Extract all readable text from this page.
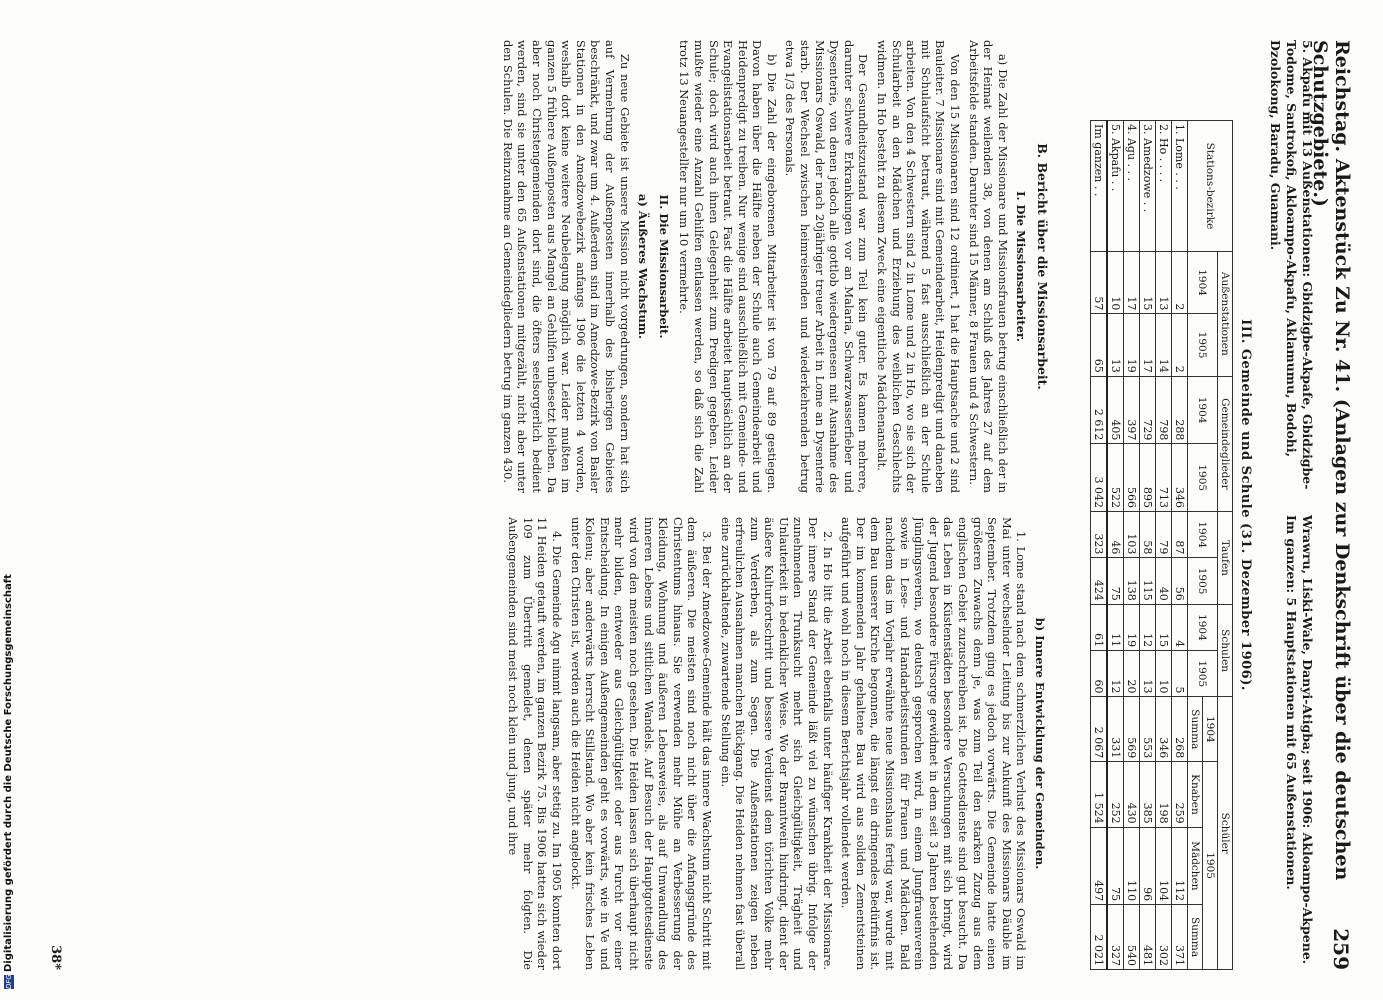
Reichstag. Aktenstück Zu Nr. 41. (Anlagen zur Denkschrift über die deutschen Schutzgebiete.)
259
5. Akpafu mit 13 Außenstationen: Gbidzigbe-Akpafe, Gbidzigbe-Todome, Santrokofi, Akloampo-Akpafu, Aklamumu, Bodohi, Dzolokong, Baradu, Guamani.
Wrawru, Liski-Wale, Danyi-Atigba; seit 1906: Akloampo-Akpene. Im ganzen: 5 Hauptstationen mit 65 Außenstationen.
III. Gemeinde und Schule (31. Dezember 1906).
Stations-bezirke	Außenstationen		Gemeindeglieder		Taufen		Schulen		Schüler			
	1904	1905	1904	1905	1904	1905	1904	1905	1904	1905		
									Summa	Knaben	Mädchen	Summa
1. Lome . . .	2	2	288	346	87	56	4	5	268	259	112	371
2. Ho . . . .	13	14	798	713	79	40	15	10	346	198	104	302
3. Amedzowe . .	15	17	729	895	58	115	12	13	553	385	96	481
4. Agu . . .	17	19	397	566	103	138	19	20	569	430	110	540
5. Akpafu . .	10	13	405	522	46	75	11	12	331	252	75	327
Im ganzen . .	57	65	2 612	3 042	323	424	61	60	2 067	1 524	497	2 021
B. Bericht über die Missionsarbeit.
I. Die Missionsarbeiter.

a) Die Zahl der Missionare und Missionsfrauen betrug einschließlich der in der Heimat weilenden 38, von denen am Schluß des Jahres 27 auf dem Arbeitsfelde standen. Darunter sind 15 Männer, 8 Frauen und 4 Schwestern.

Von den 15 Missionaren sind 12 ordiniert, 1 hat die Hauptsache und 2 sind Bauleiter. 7 Missionare sind mit Gemeindearbeit, Heidenpredigt und daneben mit Schulaufsicht betraut, während 5 fast ausschließlich an der Schule arbeiten. Von den 4 Schwestern sind 2 in Lome und 2 in Ho, wo sie sich der Schularbeit an den Mädchen und Erziehung des weiblichen Geschlechts widmen. In Ho besteht zu diesem Zweck eine eigentliche Mädchenanstalt.

Der Gesundheitszustand war zum Teil kein guter. Es kamen mehrere, darunter schwere Erkrankungen vor an Malaria, Schwarzwasserfieber und Dysenterie, von denen jedoch alle gottlob wiedergenesen mit Ausnahme des Missionars Oswald, der nach 20jähriger treuer Arbeit in Lome an Dysenterie starb. Der Wechsel zwischen heimreisenden und wiederkehrenden betrug etwa 1/3 des Personals.

b) Die Zahl der eingeborenen Mitarbeiter ist von 79 auf 89 gestiegen. Davon haben über die Hälfte neben der Schule auch Gemeindearbeit und Heidenpredigt zu treiben. Nur wenige sind ausschließlich mit Gemeinde- und Evangelistationsarbeit betraut. Fast die Hälfte arbeitet hauptsächlich an der Schule; doch wird auch ihnen Gelegenheit zum Predigen gegeben. Leider mußte wieder eine Anzahl Gehilfen entlassen werden, so daß sich die Zahl trotz 13 Neuangestellter nur um 10 vermehrte.

II. Die Missionsarbeit.
a) Äußeres Wachstum.

Zu neue Gebiete ist unsere Mission nicht vorgedrungen, sondern hat sich auf Vermehrung der Außenposten innerhalb des bisherigen Gebietes beschränkt, und zwar um 4. Außerdem sind im Amedzowe-Bezirk von Basler Stationen in den Amedzowebezirk anfangs 1906 die letzten 4 worden, weshalb dort keine weitere Neubelegung möglich war. Leider mußten im ganzen 5 frühere Außenposten aus Mangel an Gehilfen unbesetzt bleiben. Da aber noch Christengemeinden dort sind, die öfters seelsorgerlich bedient werden, sind sie unter den 65 Außenstationen mitgezählt, nicht aber unter den Schulen. Die Reinzunahme an Gemeindegliedern betrug im ganzen 430.

b) Innere Entwicklung der Gemeinden.

1. Lome stand nach dem schmerzlichen Verlust des Missionars Oswald im Mai unter wechselnder Leitung bis zur Ankunft des Missionars Däuble im September. Trotzdem ging es jedoch vorwärts. Die Gemeinde hatte einen größeren Zuwachs denn je, was zum Teil den starken Zuzug aus dem englischen Gebiet zuzuschreiben ist. Die Gottesdienste sind gut besucht. Da das Leben in Küstenstädten besondere Versuchungen mit sich bringt, wird der Jugend besondere Fürsorge gewidmet in dem seit 3 Jahren bestehenden Jünglingsverein, wo deutsch gesprochen wird, in einem Jungfrauenverein sowie in Lese- und Handarbeitsstunden für Frauen und Mädchen. Bald nachdem das im Vorjahr erwähnte neue Missionshaus fertig war, wurde mit dem Bau unserer Kirche begonnen, die längst ein dringendes Bedürfnis ist. Der im kommenden Jahr gehaltene Bau wird aus soliden Zementsteinen aufgeführt und wohl noch in diesem Berichtsjahr vollendet werden.

2. In Ho litt die Arbeit ebenfalls unter häufiger Krankheit der Missionare. Der innere Stand der Gemeinde läßt viel zu wünschen übrig. Infolge der zunehmenden Trunksucht mehrt sich Gleichgültigkeit, Trägheit und Unlauterkeit in bedenklicher Weise. Wo der Branntwein hindringt, dient der äußere Kulturfortschritt und bessere Verdienst dem törichten Volke mehr zum Verderben, als zum Segen. Die Außenstationen zeigen neben erfreulichen Ausnahmen manchen Rückgang. Die Heiden nehmen fast überall eine zurückhaltende, zuwartende Stellung ein.

3. Bei der Amedzowe-Gemeinde hält das innere Wachstum nicht Schritt mit dem äußeren. Die meisten sind noch nicht über die Anfangsgründe des Christentums hinaus. Sie verwenden mehr Mühe an Verbesserung der Kleidung, Wohnung und äußeren Lebensweise, als auf Umwandlung des inneren Lebens und sittlichen Wandels. Auf Besuch der Hauptgottesdienste wird von den meisten noch gesehen. Die Heiden lassen sich überhaupt nicht mehr bilden, entweder aus Gleichgültigkeit oder aus Furcht vor einer Entscheidung. In einigen Außengemeinden geht es vorwärts, wie in Ve und Kolenu; aber anderwärts herrscht Stillstand. Wo aber kein frisches Leben unter den Christen ist, werden auch die Heiden nicht angelockt.

4. Die Gemeinde Agu nimmt langsam, aber stetig zu. Im 1905 konnten dort 11 Heiden getauft werden, im ganzen Bezirk 75. Bis 1906 hatten sich wieder 109 zum Übertritt gemeldet, denen später mehr folgten. Die Außengemeinden sind meist noch klein und jung, und ihre

38*
DFGDigitalisierung gefördert durch die Deutsche Forschungsgemeinschaft
